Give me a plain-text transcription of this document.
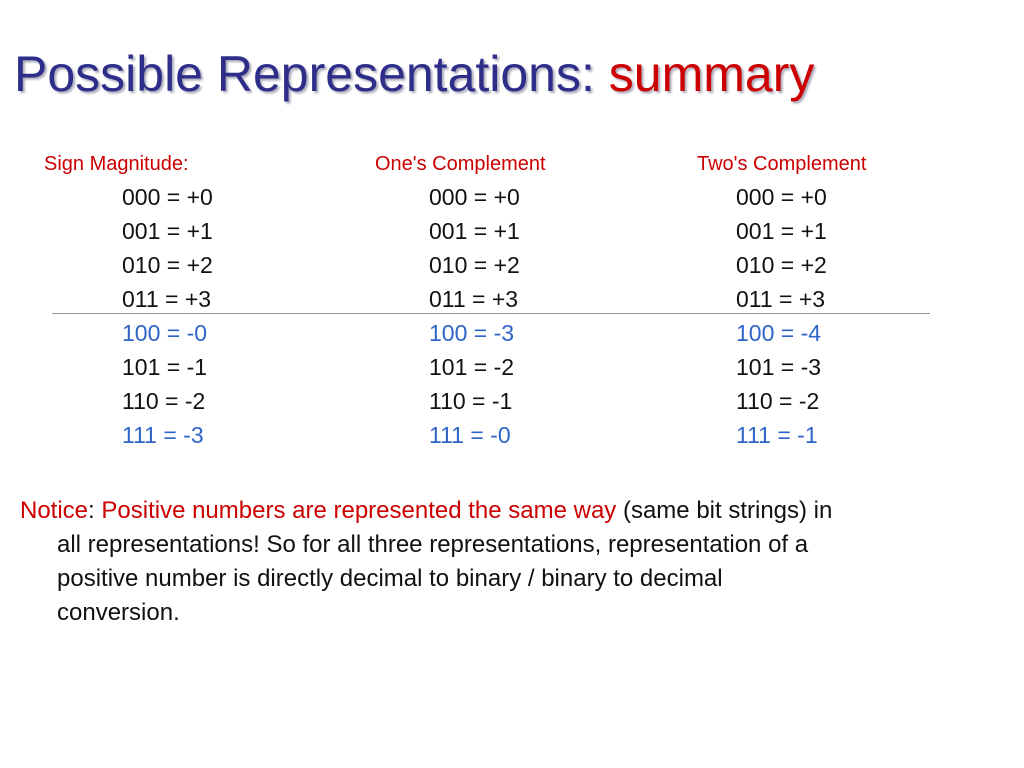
Possible Representations: summary
Sign Magnitude:	One's Complement	Two's Complement
000 = +0
001 = +1
010 = +2
011 = +3
100 = -0
101 = -1
110 = -2
111 = -3
000 = +0
001 = +1
010 = +2
011 = +3
100 = -3
101 = -2
110 = -1
111 = -0
000 = +0
001 = +1
010 = +2
011 = +3
100 = -4
101 = -3
110 = -2
111 = -1
Notice: Positive numbers are represented the same way (same bit strings) in
all representations! So for all three representations, representation of a
positive number is directly decimal to binary / binary to decimal
conversion.
